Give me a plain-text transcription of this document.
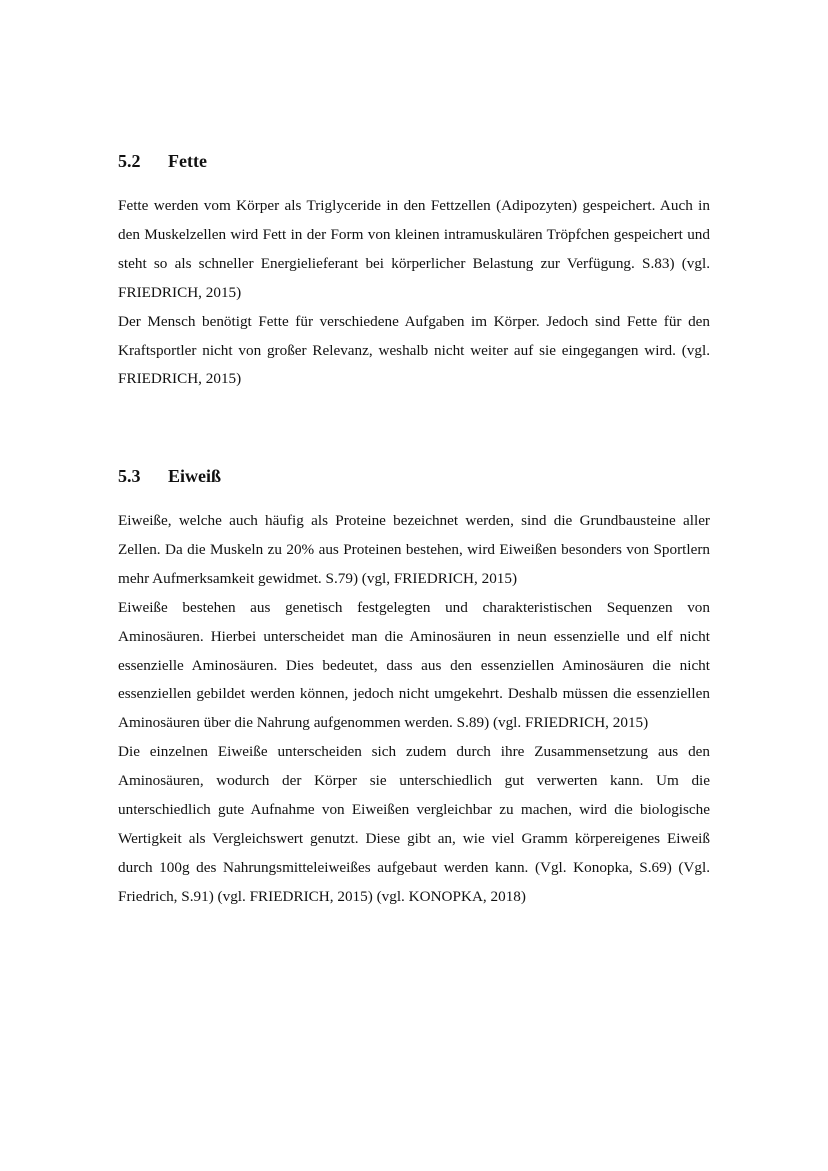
5.2	Fette

Fette werden vom Körper als Triglyceride in den Fettzellen (Adipozyten) gespeichert. Auch in den Muskelzellen wird Fett in der Form von kleinen intramuskulären Tröpfchen gespeichert und steht so als schneller Energielieferant bei körperlicher Belastung zur Verfügung. S.83) (vgl. FRIEDRICH, 2015)

Der Mensch benötigt Fette für verschiedene Aufgaben im Körper. Jedoch sind Fette für den Kraftsportler nicht von großer Relevanz, weshalb nicht weiter auf sie eingegangen wird. (vgl. FRIEDRICH, 2015)

5.3	Eiweiß

Eiweiße, welche auch häufig als Proteine bezeichnet werden, sind die Grundbausteine aller Zellen. Da die Muskeln zu 20% aus Proteinen bestehen, wird Eiweißen besonders von Sportlern mehr Aufmerksamkeit gewidmet. S.79) (vgl, FRIEDRICH, 2015)

Eiweiße bestehen aus genetisch festgelegten und charakteristischen Sequenzen von Aminosäuren. Hierbei unterscheidet man die Aminosäuren in neun essenzielle und elf nicht essenzielle Aminosäuren. Dies bedeutet, dass aus den essenziellen Aminosäuren die nicht essenziellen gebildet werden können, jedoch nicht umgekehrt. Deshalb müssen die essenziellen Aminosäuren über die Nahrung aufgenommen werden. S.89) (vgl. FRIEDRICH, 2015)

Die einzelnen Eiweiße unterscheiden sich zudem durch ihre Zusammensetzung aus den Aminosäuren, wodurch der Körper sie unterschiedlich gut verwerten kann. Um die unterschiedlich gute Aufnahme von Eiweißen vergleichbar zu machen, wird die biologische Wertigkeit als Vergleichswert genutzt. Diese gibt an, wie viel Gramm körpereigenes Eiweiß durch 100g des Nahrungsmitteleiweißes aufgebaut werden kann. (Vgl. Konopka, S.69) (Vgl. Friedrich, S.91) (vgl. FRIEDRICH, 2015) (vgl. KONOPKA, 2018)
